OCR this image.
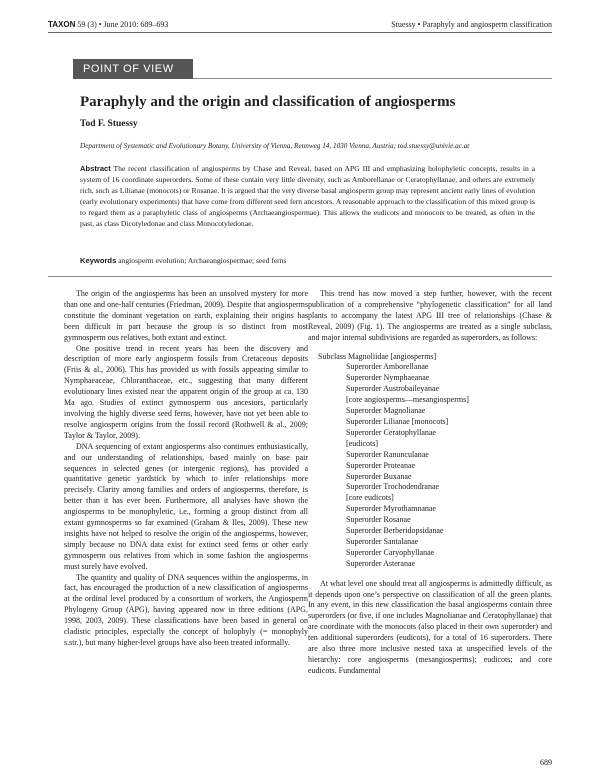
TAXON 59 (3) • June 2010: 689–693	Stuessy • Paraphyly and angiosperm classification
POINT OF VIEW
Paraphyly and the origin and classification of angiosperms
Tod F. Stuessy
Department of Systematic and Evolutionary Botany, University of Vienna, Rennweg 14, 1030 Vienna, Austria; tod.stuessy@univie.ac.at
Abstract The recent classification of angiosperms by Chase and Reveal, based on APG III and emphasizing holophyletic concepts, results in a system of 16 coordinate superorders. Some of these contain very little diversity, such as Amborellanae or Ceratophyllanae, and others are extremely rich, such as Lilianae (monocots) or Rosanae. It is argued that the very diverse basal angiosperm group may represent ancient early lines of evolution (early evolutionary experiments) that have come from different seed fern ancestors. A reasonable approach to the classification of this mixed group is to regard them as a paraphyletic class of angiosperms (Archaeangiospermae). This allows the eudicots and monocots to be treated, as often in the past, as class Dicotyledonae and class Monocotyledonae.
Keywords angiosperm evolution; Archaeangiospermae; seed ferns

The origin of the angiosperms has been an unsolved mystery for more than one and one-half centuries (Friedman, 2009). Despite that angiosperms constitute the dominant vegetation on earth, explaining their origins has been difficult in part because the group is so distinct from most gymnosperm ous relatives, both extant and extinct.

One positive trend in recent years has been the discovery and description of more early angiosperm fossils from Cretaceous deposits (Friis & al., 2006). This has provided us with fossils appearing similar to Nymphaeaceae, Chloranthaceae, etc., suggesting that many different evolutionary lines existed near the apparent origin of the group at ca. 130 Ma ago. Studies of extinct gymnosperm ous ancestors, particularly involving the highly diverse seed ferns, however, have not yet been able to resolve angiosperm origins from the fossil record (Rothwell & al., 2009; Taylor & Taylor, 2009).

DNA sequencing of extant angiosperms also continues enthusiastically, and our understanding of relationships, based mainly on base pair sequences in selected genes (or intergenic regions), has provided a quantitative genetic yardstick by which to infer relationships more precisely. Clarity among families and orders of angiosperms, therefore, is better than it has ever been. Furthermore, all analyses have shown the angiosperms to be monophyletic, i.e., forming a group distinct from all extant gymnosperms so far examined (Graham & Iles, 2009). These new insights have not helped to resolve the origin of the angiosperms, however, simply because no DNA data exist for extinct seed ferns or other early gymnosperm ous relatives from which in some fashion the angiosperms must surely have evolved.

The quantity and quality of DNA sequences within the angiosperms, in fact, has encouraged the production of a new classification of angiosperms at the ordinal level produced by a consortium of workers, the Angiosperm Phylogeny Group (APG), having appeared now in three editions (APG, 1998, 2003, 2009). These classifications have been based in general on cladistic principles, especially the concept of holophyly (= monophyly s.str.), but many higher-level groups have also been treated informally.

This trend has now moved a step further, however, with the recent publication of a comprehensive “phylogenetic classification” for all land plants to accompany the latest APG III tree of relationships (Chase & Reveal, 2009) (Fig. 1). The angiosperms are treated as a single subclass, and major internal subdivisions are regarded as superorders, as follows:

Subclass Magnoliidae [angiosperms]
Superorder Amborellanae
Superorder Nymphaeanae
Superorder Austrobaileyanae
[core angiosperms—mesangiosperms]
Superorder Magnolianae
Superorder Lilianae [monocots]
Superorder Ceratophyllanae
[eudicots]
Superorder Ranunculanae
Superorder Proteanae
Superorder Buxanae
Superorder Trochodendranae
[core eudicots]
Superorder Myrothamnanae
Superorder Rosanae
Superorder Berberidopsidanae
Superorder Santalanae
Superorder Caryophyllanae
Superorder Asteranae

At what level one should treat all angiosperms is admittedly difficult, as it depends upon one’s perspective on classification of all the green plants. In any event, in this new classification the basal angiosperms contain three superorders (or five, if one includes Magnolianae and Ceratophyllanae) that are coordinate with the monocots (also placed in their own superorder) and ten additional superorders (eudicots), for a total of 16 superorders. There are also three more inclusive nested taxa at unspecified levels of the hierarchy: core angiosperms (mesangiosperms); eudicots; and core eudicots. Fundamental

689
